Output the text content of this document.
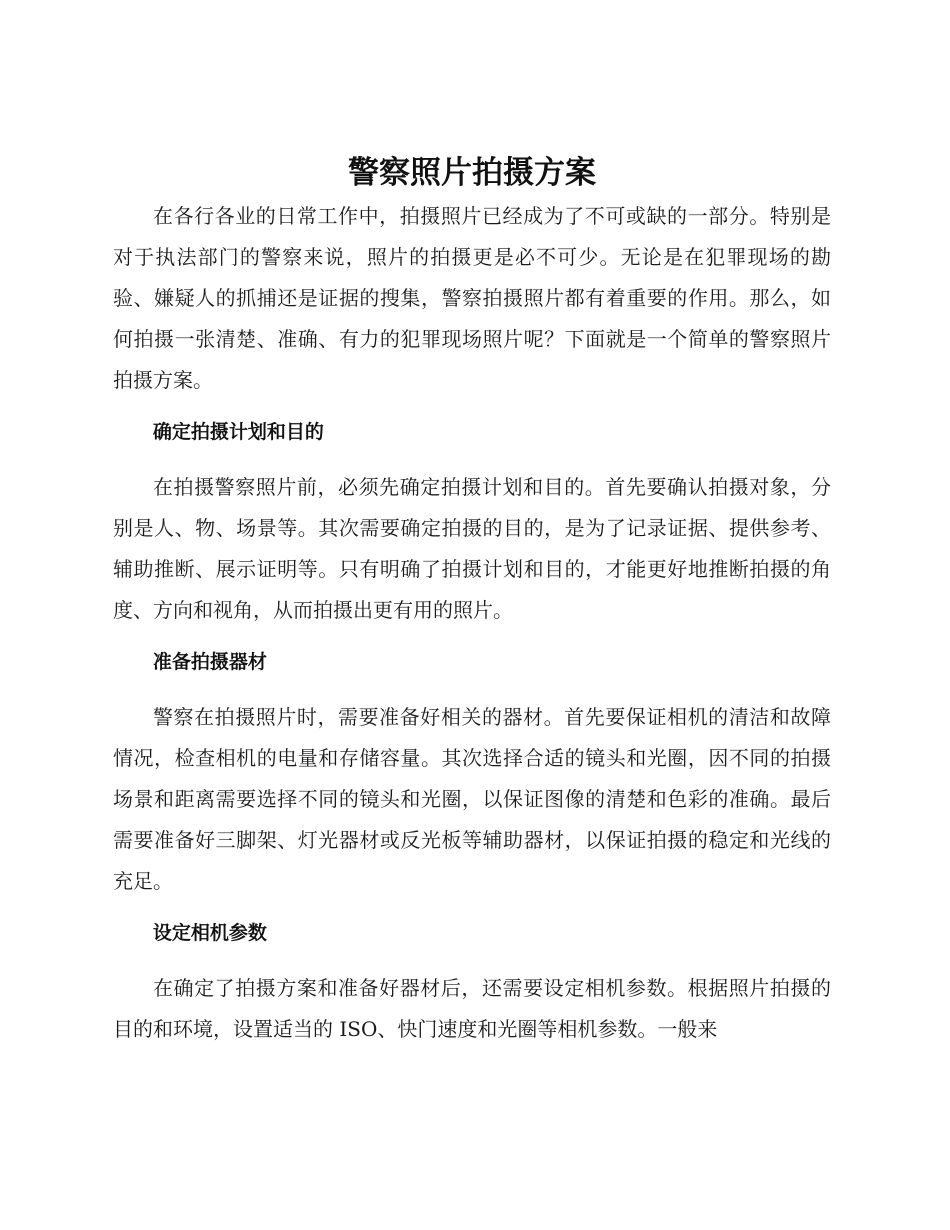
警察照片拍摄方案

在各行各业的日常工作中，拍摄照片已经成为了不可或缺的一部分。特别是对于执法部门的警察来说，照片的拍摄更是必不可少。无论是在犯罪现场的勘验、嫌疑人的抓捕还是证据的搜集，警察拍摄照片都有着重要的作用。那么，如何拍摄一张清楚、准确、有力的犯罪现场照片呢？下面就是一个简单的警察照片拍摄方案。

确定拍摄计划和目的

在拍摄警察照片前，必须先确定拍摄计划和目的。首先要确认拍摄对象，分别是人、物、场景等。其次需要确定拍摄的目的，是为了记录证据、提供参考、辅助推断、展示证明等。只有明确了拍摄计划和目的，才能更好地推断拍摄的角度、方向和视角，从而拍摄出更有用的照片。

准备拍摄器材

警察在拍摄照片时，需要准备好相关的器材。首先要保证相机的清洁和故障情况，检查相机的电量和存储容量。其次选择合适的镜头和光圈，因不同的拍摄场景和距离需要选择不同的镜头和光圈，以保证图像的清楚和色彩的准确。最后需要准备好三脚架、灯光器材或反光板等辅助器材，以保证拍摄的稳定和光线的充足。

设定相机参数

在确定了拍摄方案和准备好器材后，还需要设定相机参数。根据照片拍摄的目的和环境，设置适当的 ISO、快门速度和光圈等相机参数。一般来
